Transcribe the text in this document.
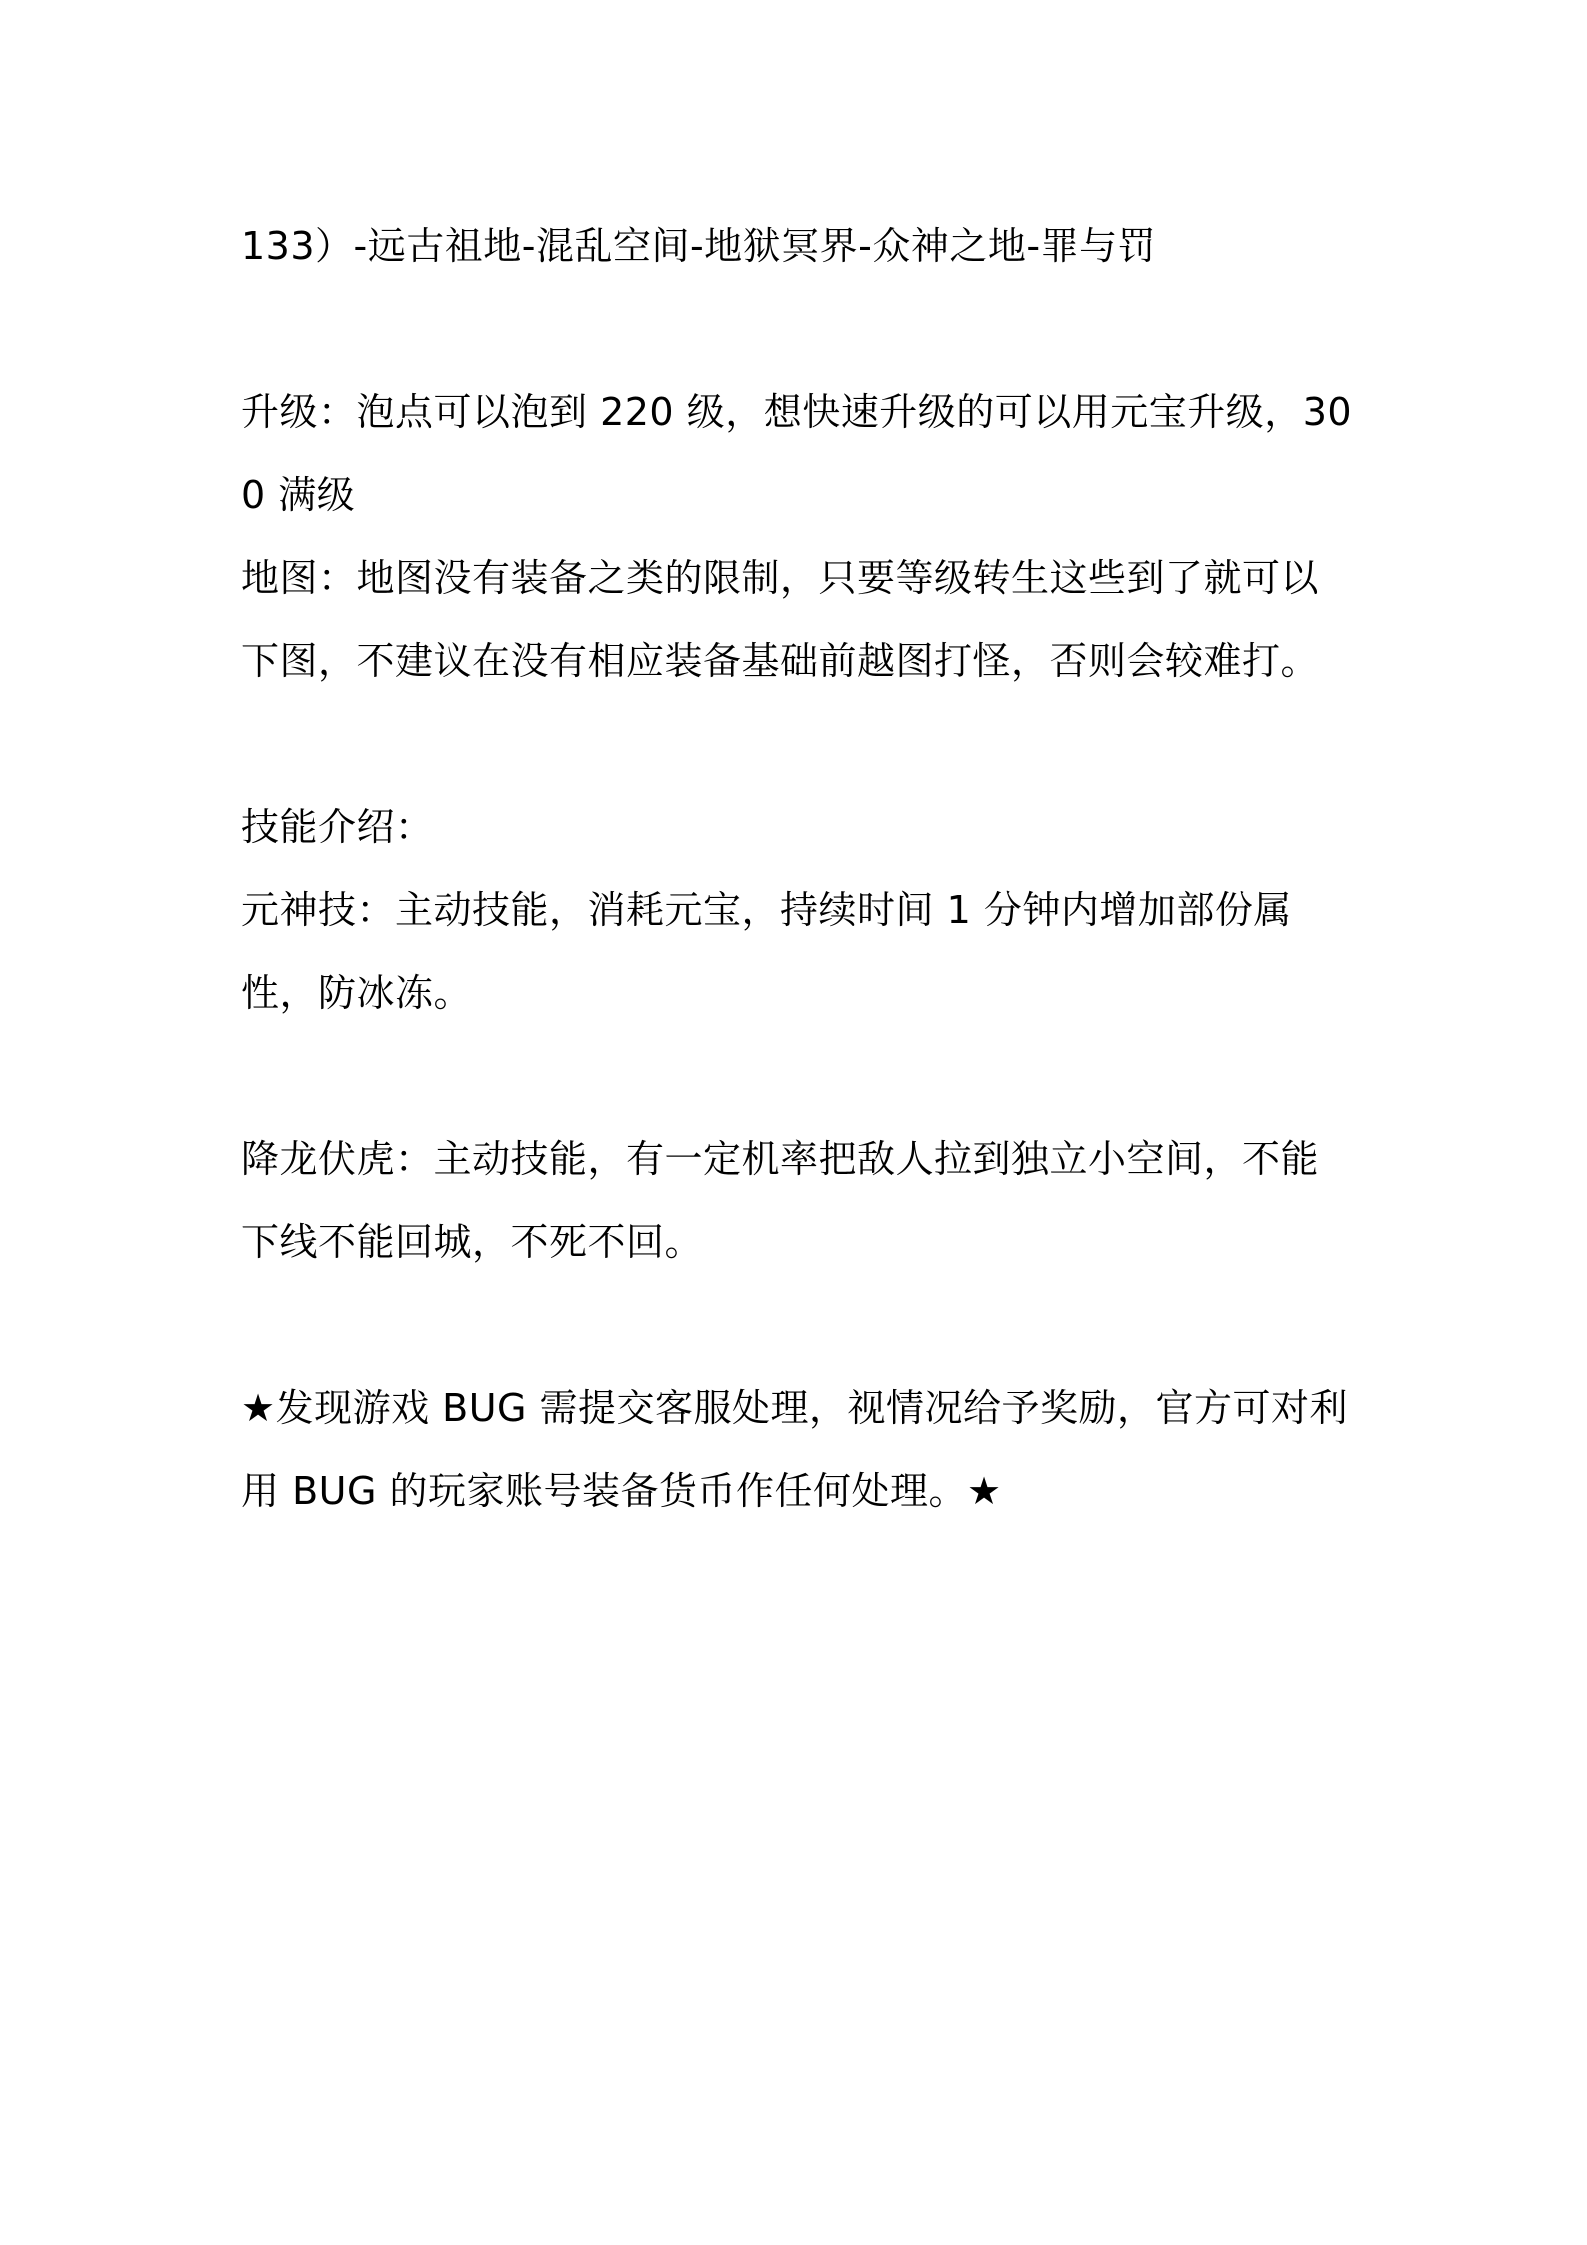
133）-远古祖地-混乱空间-地狱冥界-众神之地-罪与罚

升级：泡点可以泡到 220 级，想快速升级的可以用元宝升级，300 满级

地图：地图没有装备之类的限制，只要等级转生这些到了就可以下图，不建议在没有相应装备基础前越图打怪，否则会较难打。

技能介绍：

元神技：主动技能，消耗元宝，持续时间 1 分钟内增加部份属性，防冰冻。

降龙伏虎：主动技能，有一定机率把敌人拉到独立小空间，不能下线不能回城，不死不回。

★发现游戏 BUG 需提交客服处理，视情况给予奖励，官方可对利用 BUG 的玩家账号装备货币作任何处理。★
